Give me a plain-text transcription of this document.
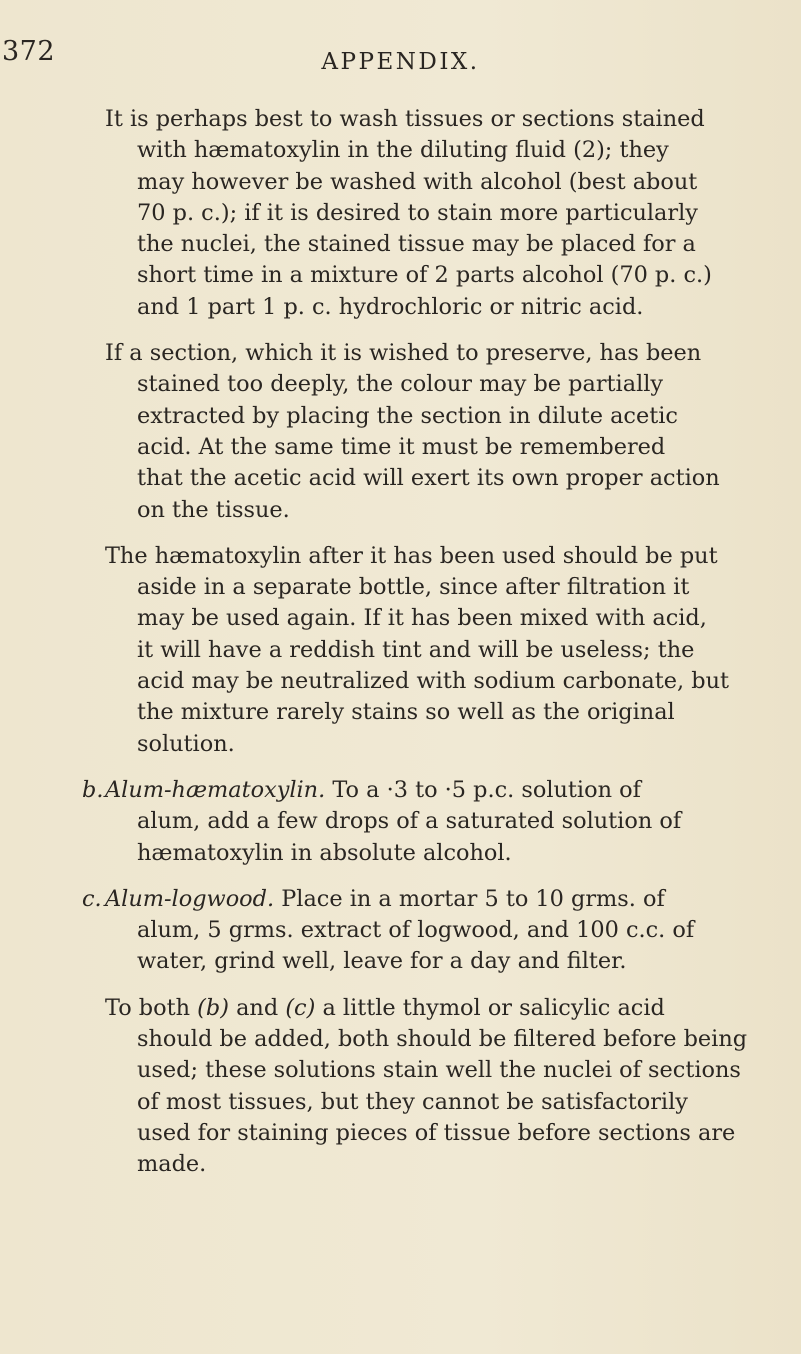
372	APPENDIX.

It is perhaps best to wash tissues or sections stained
with hæmatoxylin in the diluting fluid (2); they
may however be washed with alcohol (best about
70 p. c.); if it is desired to stain more particularly
the nuclei, the stained tissue may be placed for a
short time in a mixture of 2 parts alcohol (70 p. c.)
and 1 part 1 p. c. hydrochloric or nitric acid.

If a section, which it is wished to preserve, has been
stained too deeply, the colour may be partially
extracted by placing the section in dilute acetic
acid. At the same time it must be remembered
that the acetic acid will exert its own proper action
on the tissue.

The hæmatoxylin after it has been used should be put
aside in a separate bottle, since after filtration it
may be used again. If it has been mixed with acid,
it will have a reddish tint and will be useless; the
acid may be neutralized with sodium carbonate, but
the mixture rarely stains so well as the original
solution.

b. Alum-hæmatoxylin. To a ·3 to ·5 p.c. solution of
alum, add a few drops of a saturated solution of
hæmatoxylin in absolute alcohol.

c. Alum-logwood. Place in a mortar 5 to 10 grms. of
alum, 5 grms. extract of logwood, and 100 c.c. of
water, grind well, leave for a day and filter.

To both (b) and (c) a little thymol or salicylic acid
should be added, both should be filtered before being
used; these solutions stain well the nuclei of sections
of most tissues, but they cannot be satisfactorily
used for staining pieces of tissue before sections are
made.
